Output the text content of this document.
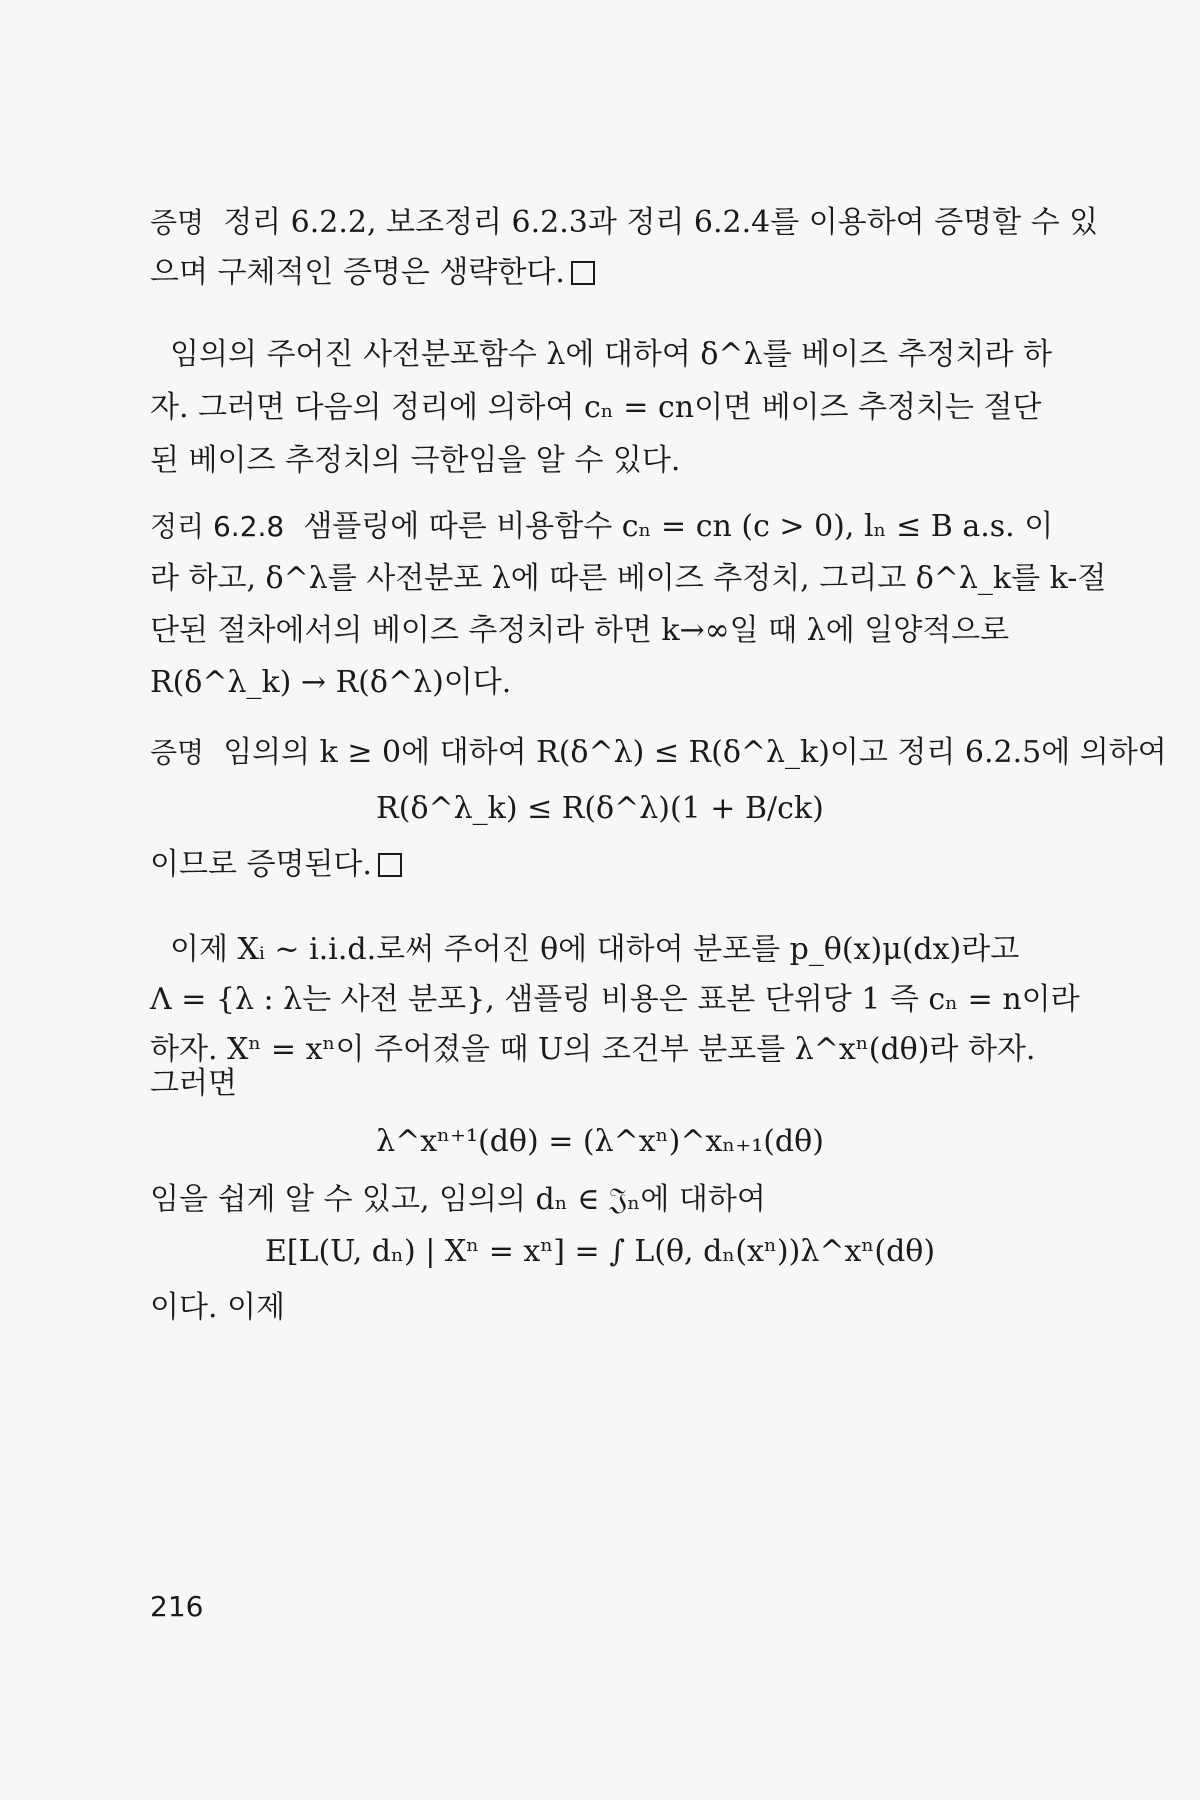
증명 정리 6.2.2, 보조정리 6.2.3과 정리 6.2.4를 이용하여 증명할 수 있
으며 구체적인 증명은 생략한다.
임의의 주어진 사전분포함수 λ에 대하여 δ^λ를 베이즈 추정치라 하
자. 그러면 다음의 정리에 의하여 cₙ = cn이면 베이즈 추정치는 절단
된 베이즈 추정치의 극한임을 알 수 있다.
정리 6.2.8 샘플링에 따른 비용함수 cₙ = cn (c > 0), lₙ ≤ B a.s. 이
라 하고, δ^λ를 사전분포 λ에 따른 베이즈 추정치, 그리고 δ^λ_k를 k-절
단된 절차에서의 베이즈 추정치라 하면 k→∞일 때 λ에 일양적으로
R(δ^λ_k) → R(δ^λ)이다.
증명 임의의 k ≥ 0에 대하여 R(δ^λ) ≤ R(δ^λ_k)이고 정리 6.2.5에 의하여
R(δ^λ_k) ≤ R(δ^λ)(1 + B/ck)
이므로 증명된다.
이제 Xᵢ ~ i.i.d.로써 주어진 θ에 대하여 분포를 p_θ(x)μ(dx)라고
Λ = {λ : λ는 사전 분포}, 샘플링 비용은 표본 단위당 1 즉 cₙ = n이라
하자. Xⁿ = xⁿ이 주어졌을 때 U의 조건부 분포를 λ^xⁿ(dθ)라 하자.
그러면
λ^xⁿ⁺¹(dθ) = (λ^xⁿ)^xₙ₊₁(dθ)
임을 쉽게 알 수 있고, 임의의 dₙ ∈ 𝔍ₙ에 대하여
E[L(U, dₙ) | Xⁿ = xⁿ] = ∫ L(θ, dₙ(xⁿ))λ^xⁿ(dθ)
이다. 이제
216
